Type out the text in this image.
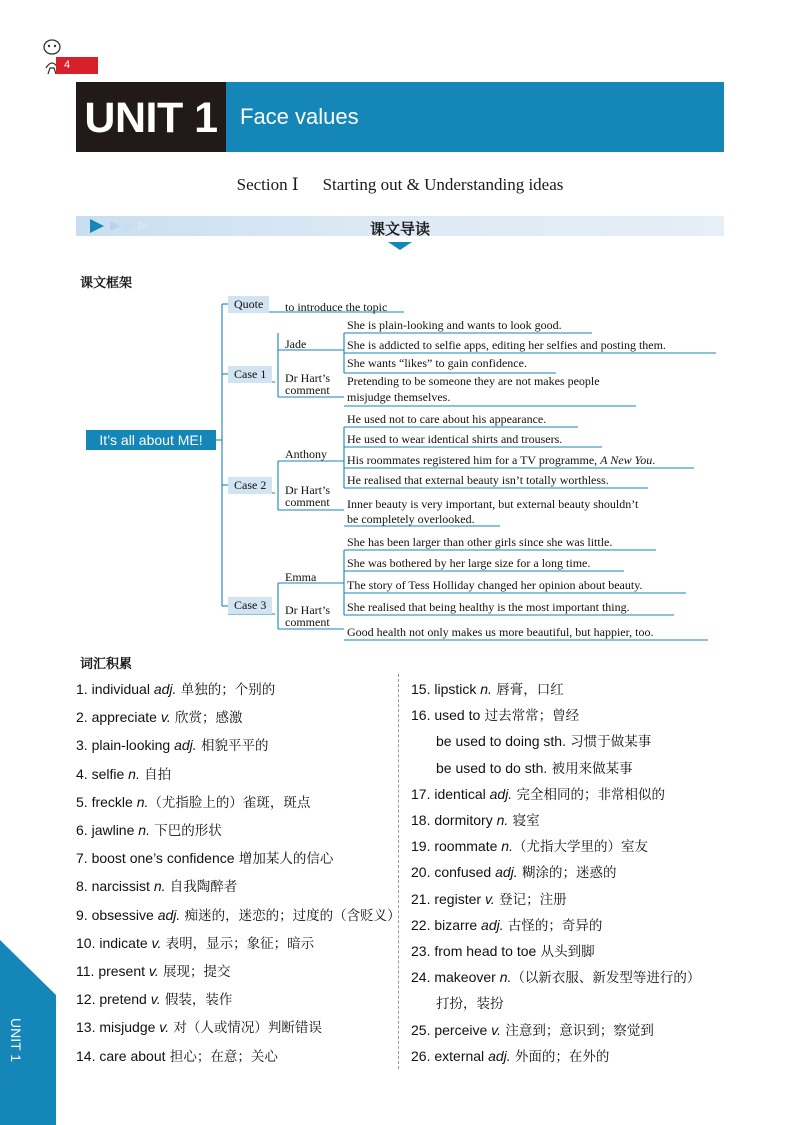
4
UNIT 1	Face values
Section Ⅰ Starting out & Understanding ideas
课文导读
课文框架
It’s all about ME!
Quote	to introduce the topic
Case 1
Jade
Dr Hart’s
comment
She is plain-looking and wants to look good.
She is addicted to selfie apps, editing her selfies and posting them.
She wants “likes” to gain confidence.
Pretending to be someone they are not makes people
misjudge themselves.
Case 2
Anthony
Dr Hart’s
comment
He used not to care about his appearance.
He used to wear identical shirts and trousers.
His roommates registered him for a TV programme, A New You.
He realised that external beauty isn’t totally worthless.
Inner beauty is very important, but external beauty shouldn’t
be completely overlooked.
Case 3
Emma
Dr Hart’s
comment
She has been larger than other girls since she was little.
She was bothered by her large size for a long time.
The story of Tess Holliday changed her opinion about beauty.
She realised that being healthy is the most important thing.
Good health not only makes us more beautiful, but happier, too.
词汇积累
1. individual adj. 单独的；个别的
2. appreciate v. 欣赏；感激
3. plain-looking adj. 相貌平平的
4. selfie n. 自拍
5. freckle n.（尤指脸上的）雀斑，斑点
6. jawline n. 下巴的形状
7. boost one’s confidence 增加某人的信心
8. narcissist n. 自我陶醉者
9. obsessive adj. 痴迷的，迷恋的；过度的（含贬义）
10. indicate v. 表明，显示；象征；暗示
11. present v. 展现；提交
12. pretend v. 假装，装作
13. misjudge v. 对（人或情况）判断错误
14. care about 担心；在意；关心
15. lipstick n. 唇膏，口红
16. used to 过去常常；曾经
be used to doing sth. 习惯于做某事
be used to do sth. 被用来做某事
17. identical adj. 完全相同的；非常相似的
18. dormitory n. 寝室
19. roommate n.（尤指大学里的）室友
20. confused adj. 糊涂的；迷惑的
21. register v. 登记；注册
22. bizarre adj. 古怪的；奇异的
23. from head to toe 从头到脚
24. makeover n.（以新衣服、新发型等进行的）
打扮，装扮
25. perceive v. 注意到；意识到；察觉到
26. external adj. 外面的；在外的
UNIT 1
